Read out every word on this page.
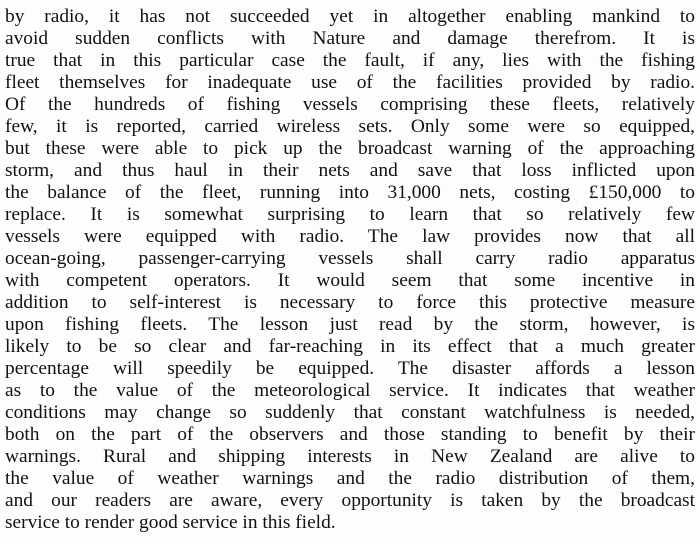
by radio, it has not succeeded yet in altogether enabling mankind to
avoid sudden conflicts with Nature and damage therefrom. It is
true that in this particular case the fault, if any, lies with the fishing
fleet themselves for inadequate use of the facilities provided by radio.
Of the hundreds of fishing vessels comprising these fleets, relatively
few, it is reported, carried wireless sets. Only some were so equipped,
but these were able to pick up the broadcast warning of the approaching
storm, and thus haul in their nets and save that loss inflicted upon
the balance of the fleet, running into 31,000 nets, costing £150,000 to
replace. It is somewhat surprising to learn that so relatively few
vessels were equipped with radio. The law provides now that all
ocean-going, passenger-carrying vessels shall carry radio apparatus
with competent operators. It would seem that some incentive in
addition to self-interest is necessary to force this protective measure
upon fishing fleets. The lesson just read by the storm, however, is
likely to be so clear and far-reaching in its effect that a much greater
percentage will speedily be equipped. The disaster affords a lesson
as to the value of the meteorological service. It indicates that weather
conditions may change so suddenly that constant watchfulness is needed,
both on the part of the observers and those standing to benefit by their
warnings. Rural and shipping interests in New Zealand are alive to
the value of weather warnings and the radio distribution of them,
and our readers are aware, every opportunity is taken by the broadcast
service to render good service in this field.
